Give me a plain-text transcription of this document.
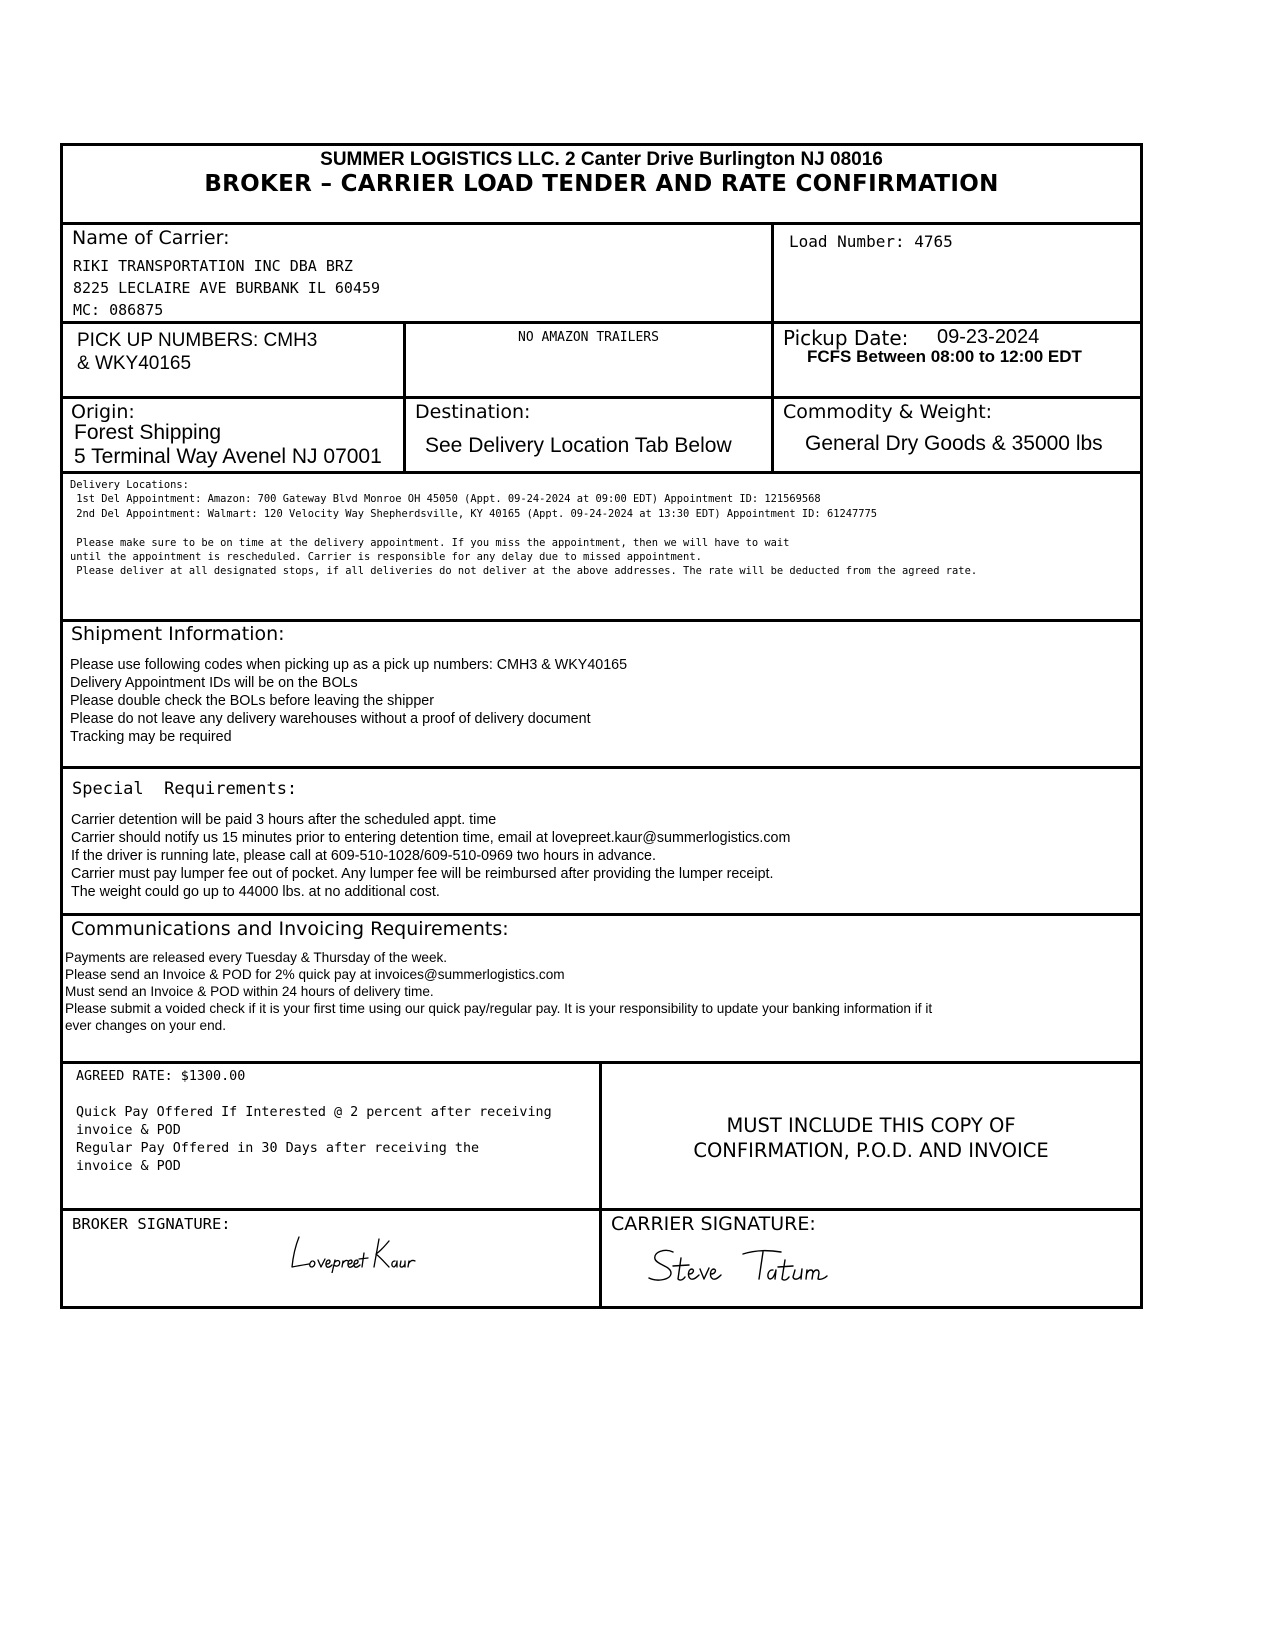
SUMMER LOGISTICS LLC. 2 Canter Drive Burlington NJ 08016
BROKER – CARRIER LOAD TENDER AND RATE CONFIRMATION
Name of Carrier:
RIKI TRANSPORTATION INC DBA BRZ
8225 LECLAIRE AVE BURBANK IL 60459
MC: 086875
Load Number: 4765
PICK UP NUMBERS: CMH3
& WKY40165
NO AMAZON TRAILERS	Pickup Date: 09-23-2024
FCFS Between 08:00 to 12:00 EDT
Origin:
Forest Shipping
5 Terminal Way Avenel NJ 07001
Destination:
See Delivery Location Tab Below
Commodity & Weight:
General Dry Goods & 35000 lbs
Delivery Locations:
1st Del Appointment: Amazon: 700 Gateway Blvd Monroe OH 45050 (Appt. 09-24-2024 at 09:00 EDT) Appointment ID: 121569568
2nd Del Appointment: Walmart: 120 Velocity Way Shepherdsville, KY 40165 (Appt. 09-24-2024 at 13:30 EDT) Appointment ID: 61247775

Please make sure to be on time at the delivery appointment. If you miss the appointment, then we will have to wait
until the appointment is rescheduled. Carrier is responsible for any delay due to missed appointment.
Please deliver at all designated stops, if all deliveries do not deliver at the above addresses. The rate will be deducted from the agreed rate.
Shipment Information:
Please use following codes when picking up as a pick up numbers: CMH3 & WKY40165
Delivery Appointment IDs will be on the BOLs
Please double check the BOLs before leaving the shipper
Please do not leave any delivery warehouses without a proof of delivery document
Tracking may be required
Special  Requirements:
Carrier detention will be paid 3 hours after the scheduled appt. time
Carrier should notify us 15 minutes prior to entering detention time, email at lovepreet.kaur@summerlogistics.com
If the driver is running late, please call at 609-510-1028/609-510-0969 two hours in advance.
Carrier must pay lumper fee out of pocket. Any lumper fee will be reimbursed after providing the lumper receipt.
The weight could go up to 44000 lbs. at no additional cost.
Communications and Invoicing Requirements:
Payments are released every Tuesday & Thursday of the week.
Please send an Invoice & POD for 2% quick pay at invoices@summerlogistics.com
Must send an Invoice & POD within 24 hours of delivery time.
Please submit a voided check if it is your first time using our quick pay/regular pay. It is your responsibility to update your banking information if it
ever changes on your end.
AGREED RATE: $1300.00

Quick Pay Offered If Interested @ 2 percent after receiving
invoice & POD
Regular Pay Offered in 30 Days after receiving the
invoice & POD
MUST INCLUDE THIS COPY OF
CONFIRMATION, P.O.D. AND INVOICE
BROKER SIGNATURE:	CARRIER SIGNATURE:
